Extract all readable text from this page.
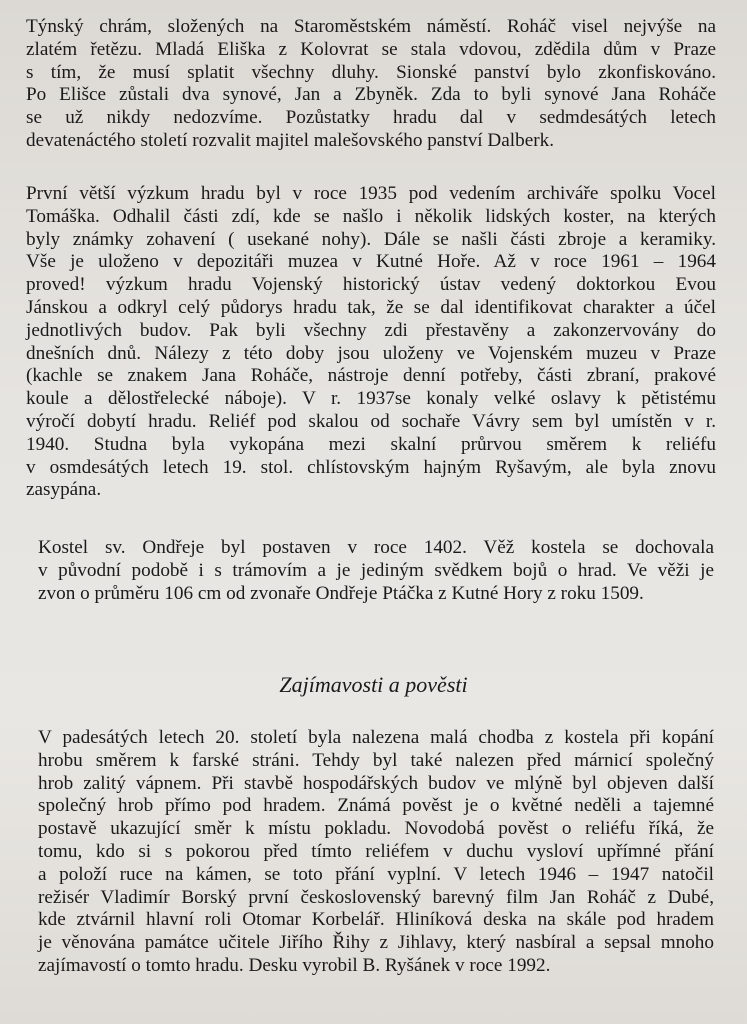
Týnský chrám, složených na Staroměstském náměstí. Roháč visel nejvýše na
zlatém řetězu. Mladá Eliška z Kolovrat se stala vdovou, zdědila dům v Praze
s tím, že musí splatit všechny dluhy. Sionské panství bylo zkonfiskováno.
Po Elišce zůstali dva synové, Jan a Zbyněk. Zda to byli synové Jana Roháče
se už nikdy nedozvíme. Pozůstatky hradu dal v sedmdesátých letech
devatenáctého století rozvalit majitel malešovského panství Dalberk.
První větší výzkum hradu byl v roce 1935 pod vedením archiváře spolku Vocel
Tomáška. Odhalil části zdí, kde se našlo i několik lidských koster, na kterých
byly známky zohavení ( usekané nohy). Dále se našli části zbroje a keramiky.
Vše je uloženo v depozitáři muzea v Kutné Hoře. Až v roce 1961 – 1964
proved! výzkum hradu Vojenský historický ústav vedený doktorkou Evou
Jánskou a odkryl celý půdorys hradu tak, že se dal identifikovat charakter a účel
jednotlivých budov. Pak byli všechny zdi přestavěny a zakonzervovány do
dnešních dnů. Nálezy z této doby jsou uloženy ve Vojenském muzeu v Praze
(kachle se znakem Jana Roháče, nástroje denní potřeby, části zbraní, prakové
koule a dělostřelecké náboje). V r. 1937se konaly velké oslavy k pětistému
výročí dobytí hradu. Reliéf pod skalou od sochaře Vávry sem byl umístěn v r.
1940. Studna byla vykopána mezi skalní průrvou směrem k reliéfu
v osmdesátých letech 19. stol. chlístovským hajným Ryšavým, ale byla znovu
zasypána.
Kostel sv. Ondřeje byl postaven v roce 1402. Věž kostela se dochovala
v původní podobě i s trámovím a je jediným svědkem bojů o hrad. Ve věži je
zvon o průměru 106 cm od zvonaře Ondřeje Ptáčka z Kutné Hory z roku 1509.
Zajímavosti a pověsti
V padesátých letech 20. století byla nalezena malá chodba z kostela při kopání
hrobu směrem k farské stráni. Tehdy byl také nalezen před márnicí společný
hrob zalitý vápnem. Při stavbě hospodářských budov ve mlýně byl objeven další
společný hrob přímo pod hradem. Známá pověst je o květné neděli a tajemné
postavě ukazující směr k místu pokladu. Novodobá pověst o reliéfu říká, že
tomu, kdo si s pokorou před tímto reliéfem v duchu vysloví upřímné přání
a položí ruce na kámen, se toto přání vyplní. V letech 1946 – 1947 natočil
režisér Vladimír Borský první československý barevný film Jan Roháč z Dubé,
kde ztvárnil hlavní roli Otomar Korbelář. Hliníková deska na skále pod hradem
je věnována památce učitele Jiřího Řihy z Jihlavy, který nasbíral a sepsal mnoho
zajímavostí o tomto hradu. Desku vyrobil B. Ryšánek v roce 1992.
